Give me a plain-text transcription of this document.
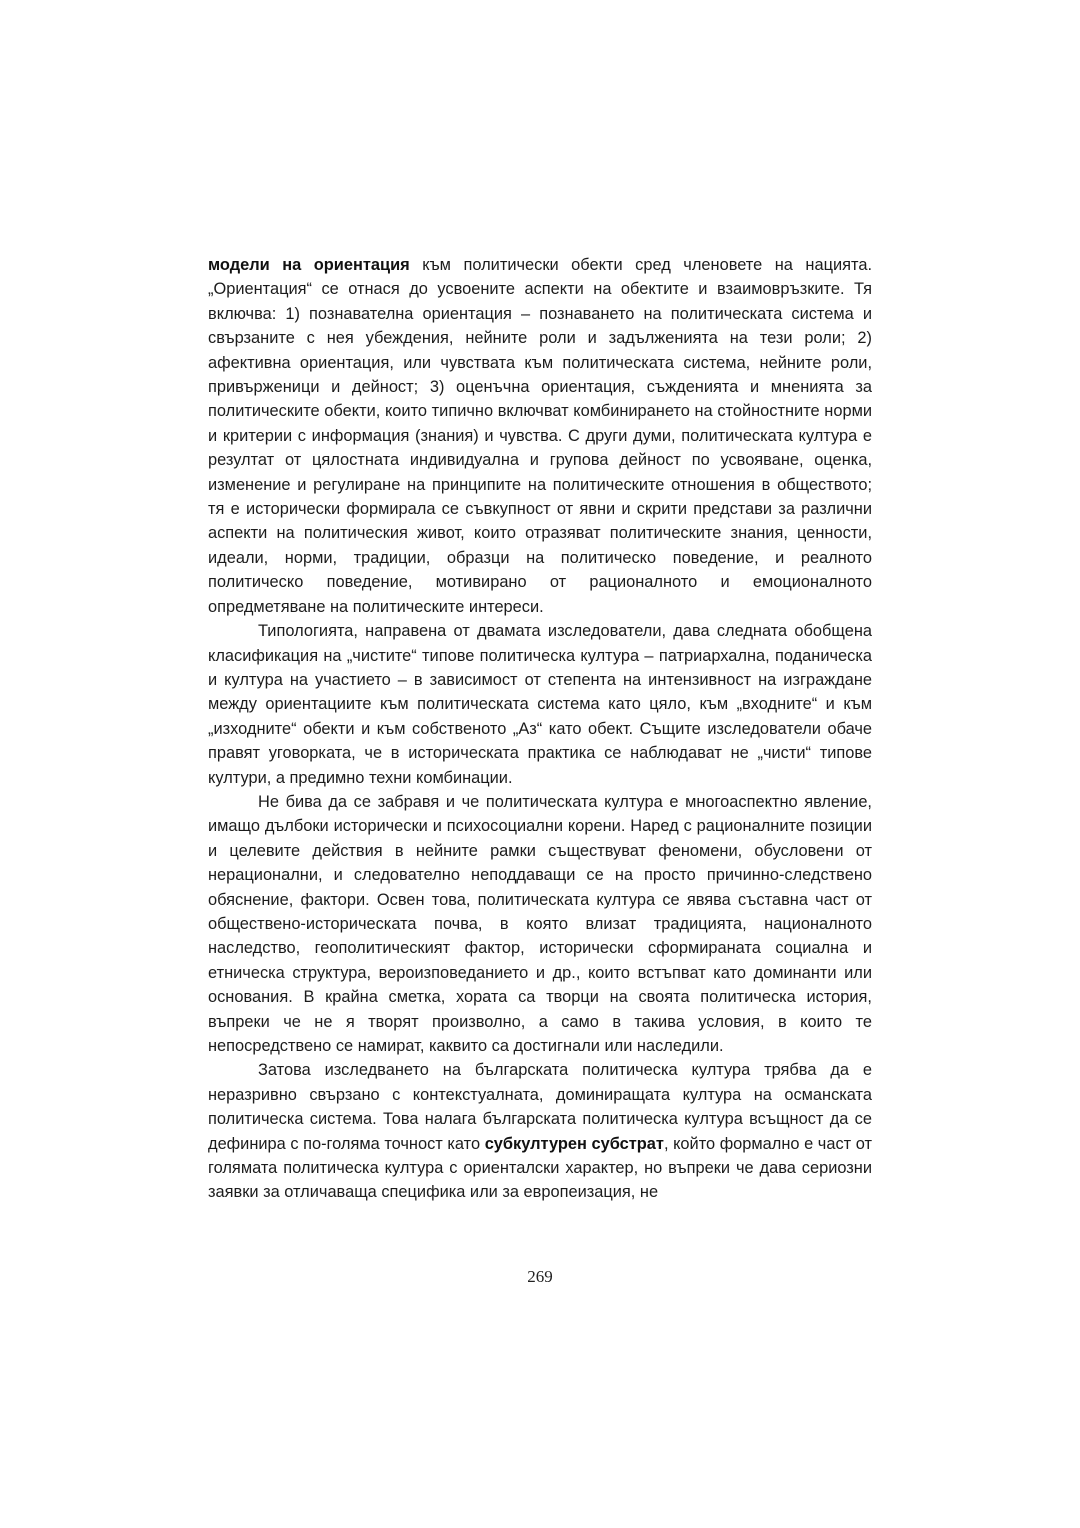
модели на ориентация към политически обекти сред членовете на нацията. „Ориентация“ се отнася до усвоените аспекти на обектите и взаимовръзките. Тя включва: 1) познавателна ориентация – познаването на политическата система и свързаните с нея убеждения, нейните роли и задълженията на тези роли; 2) афективна ориентация, или чувствата към политическата система, нейните роли, привърженици и дейност; 3) оценъчна ориентация, съжденията и мненията за политическите обекти, които типично включват комбинирането на стойностните норми и критерии с информация (знания) и чувства. С други думи, политическата култура е резултат от цялостната индивидуална и групова дейност по усвояване, оценка, изменение и регулиране на принципите на политическите отношения в обществото; тя е исторически формирала се съвкупност от явни и скрити представи за различни аспекти на политическия живот, които отразяват политическите знания, ценности, идеали, норми, традиции, образци на политическо поведение, и реалното политическо поведение, мотивирано от рационалното и емоционалното опредметяване на политическите интереси.

Типологията, направена от двамата изследователи, дава следната обобщена класификация на „чистите“ типове политическа култура – патриархална, поданическа и култура на участието – в зависимост от степента на интензивност на изграждане между ориентациите към политическата система като цяло, към „входните“ и към „изходните“ обекти и към собственото „Аз“ като обект. Същите изследователи обаче правят уговорката, че в историческата практика се наблюдават не „чисти“ типове култури, а предимно техни комбинации.

Не бива да се забравя и че политическата култура е многоаспектно явление, имащо дълбоки исторически и психосоциални корени. Наред с рационалните позиции и целевите действия в нейните рамки съществуват феномени, обусловени от нерационални, и следователно неподдаващи се на просто причинно-следствено обяснение, фактори. Освен това, политическата култура се явява съставна част от обществено-историческата почва, в която влизат традицията, националното наследство, геополитическият фактор, исторически сформираната социална и етническа структура, вероизповеданието и др., които встъпват като доминанти или основания. В крайна сметка, хората са творци на своята политическа история, въпреки че не я творят произволно, а само в такива условия, в които те непосредствено се намират, каквито са достигнали или наследили.

Затова изследването на българската политическа култура трябва да е неразривно свързано с контекстуалната, доминиращата култура на османската политическа система. Това налага българската политическа култура всъщност да се дефинира с по-голяма точност като субкултурен субстрат, който формално е част от голямата политическа култура с ориенталски характер, но въпреки че дава сериозни заявки за отличаваща специфика или за европеизация, не

269
